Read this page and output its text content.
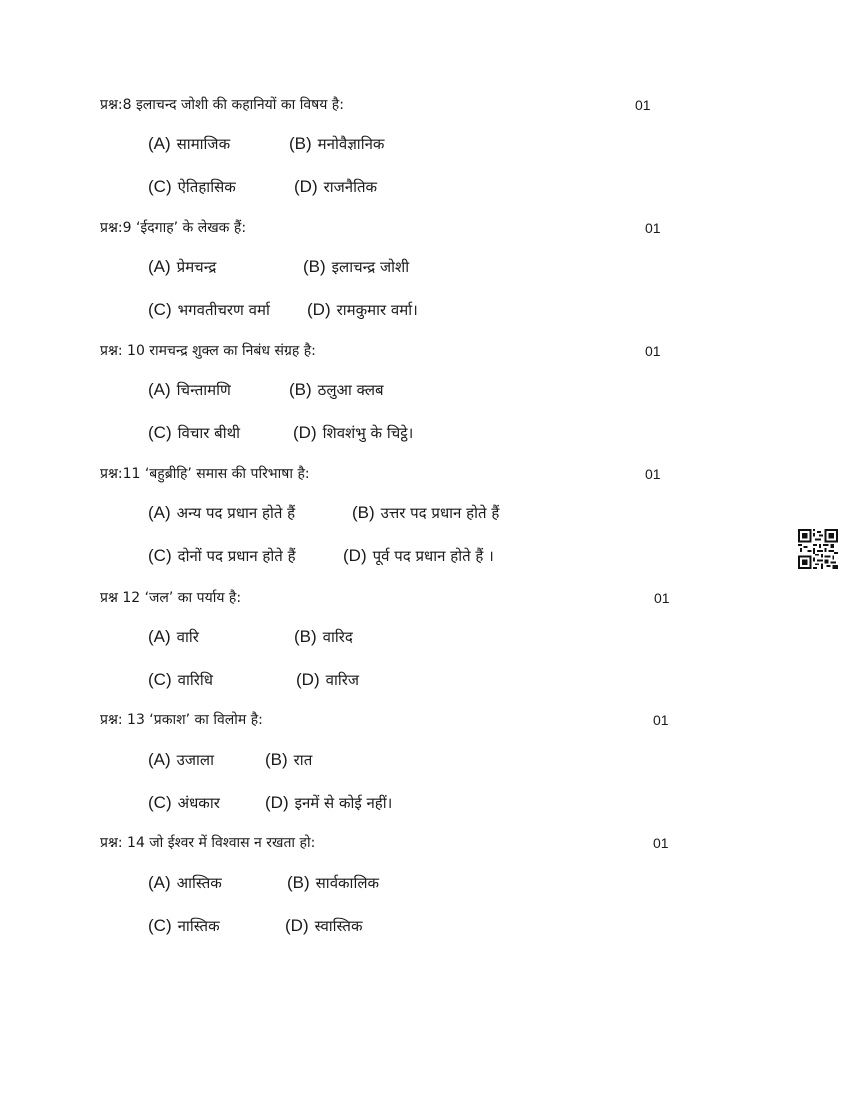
प्रश्न:8 इलाचन्द जोशी की कहानियों का विषय है:	01
(A) सामाजिक	(B) मनोवैज्ञानिक
(C) ऐतिहासिक	(D) राजनैतिक
प्रश्न:9 ‘ईदगाह’ के लेखक हैं:	01
(A) प्रेमचन्द्र	(B) इलाचन्द्र जोशी
(C) भगवतीचरण वर्मा (D) रामकुमार वर्मा।
प्रश्न: 10 रामचन्द्र शुक्ल का निबंध संग्रह है:	01
(A) चिन्तामणि	(B) ठलुआ क्लब
(C) विचार बीथी	(D) शिवशंभु के चिट्ठे।
प्रश्न:11 ‘बहुब्रीहि’ समास की परिभाषा है:	01
(A) अन्य पद प्रधान होते हैं	(B) उत्तर पद प्रधान होते हैं
(C) दोनों पद प्रधान होते हैं	(D) पूर्व पद प्रधान होते हैं ।
प्रश्न 12 ‘जल’ का पर्याय है:	01
(A) वारि	(B) वारिद
(C) वारिधि	(D) वारिज
प्रश्न: 13 ‘प्रकाश’ का विलोम है:	01
(A) उजाला	(B) रात
(C) अंधकार	(D) इनमें से कोई नहीं।
प्रश्न: 14 जो ईश्वर में विश्वास न रखता हो:	01
(A) आस्तिक	(B) सार्वकालिक
(C) नास्तिक	(D) स्वास्तिक
